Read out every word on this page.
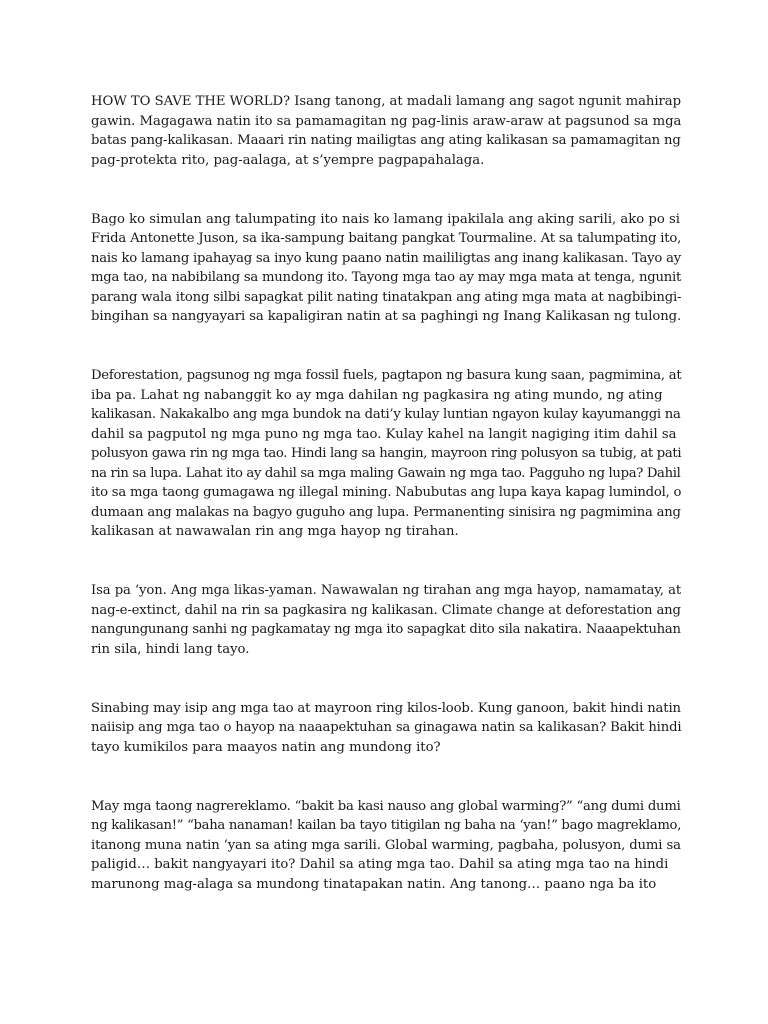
HOW TO SAVE THE WORLD? Isang tanong, at madali lamang ang sagot ngunit mahirap
gawin. Magagawa natin ito sa pamamagitan ng pag-linis araw-araw at pagsunod sa mga
batas pang-kalikasan. Maaari rin nating mailigtas ang ating kalikasan sa pamamagitan ng
pag-protekta rito, pag-aalaga, at s’yempre pagpapahalaga.

Bago ko simulan ang talumpating ito nais ko lamang ipakilala ang aking sarili, ako po si
Frida Antonette Juson, sa ika-sampung baitang pangkat Tourmaline. At sa talumpating ito,
nais ko lamang ipahayag sa inyo kung paano natin maililigtas ang inang kalikasan. Tayo ay
mga tao, na nabibilang sa mundong ito. Tayong mga tao ay may mga mata at tenga, ngunit
parang wala itong silbi sapagkat pilit nating tinatakpan ang ating mga mata at nagbibingi-
bingihan sa nangyayari sa kapaligiran natin at sa paghingi ng Inang Kalikasan ng tulong.

Deforestation, pagsunog ng mga fossil fuels, pagtapon ng basura kung saan, pagmimina, at
iba pa. Lahat ng nabanggit ko ay mga dahilan ng pagkasira ng ating mundo, ng ating
kalikasan. Nakakalbo ang mga bundok na dati’y kulay luntian ngayon kulay kayumanggi na
dahil sa pagputol ng mga puno ng mga tao. Kulay kahel na langit nagiging itim dahil sa
polusyon gawa rin ng mga tao. Hindi lang sa hangin, mayroon ring polusyon sa tubig, at pati
na rin sa lupa. Lahat ito ay dahil sa mga maling Gawain ng mga tao. Pagguho ng lupa? Dahil
ito sa mga taong gumagawa ng illegal mining. Nabubutas ang lupa kaya kapag lumindol, o
dumaan ang malakas na bagyo guguho ang lupa. Permanenting sinisira ng pagmimina ang
kalikasan at nawawalan rin ang mga hayop ng tirahan.

Isa pa ‘yon. Ang mga likas-yaman. Nawawalan ng tirahan ang mga hayop, namamatay, at
nag-e-extinct, dahil na rin sa pagkasira ng kalikasan. Climate change at deforestation ang
nangungunang sanhi ng pagkamatay ng mga ito sapagkat dito sila nakatira. Naaapektuhan
rin sila, hindi lang tayo.

Sinabing may isip ang mga tao at mayroon ring kilos-loob. Kung ganoon, bakit hindi natin
naiisip ang mga tao o hayop na naaapektuhan sa ginagawa natin sa kalikasan? Bakit hindi
tayo kumikilos para maayos natin ang mundong ito?

May mga taong nagrereklamo. “bakit ba kasi nauso ang global warming?” “ang dumi dumi
ng kalikasan!” “baha nanaman! kailan ba tayo titigilan ng baha na ‘yan!” bago magreklamo,
itanong muna natin ‘yan sa ating mga sarili. Global warming, pagbaha, polusyon, dumi sa
paligid… bakit nangyayari ito? Dahil sa ating mga tao. Dahil sa ating mga tao na hindi
marunong mag-alaga sa mundong tinatapakan natin. Ang tanong… paano nga ba ito
